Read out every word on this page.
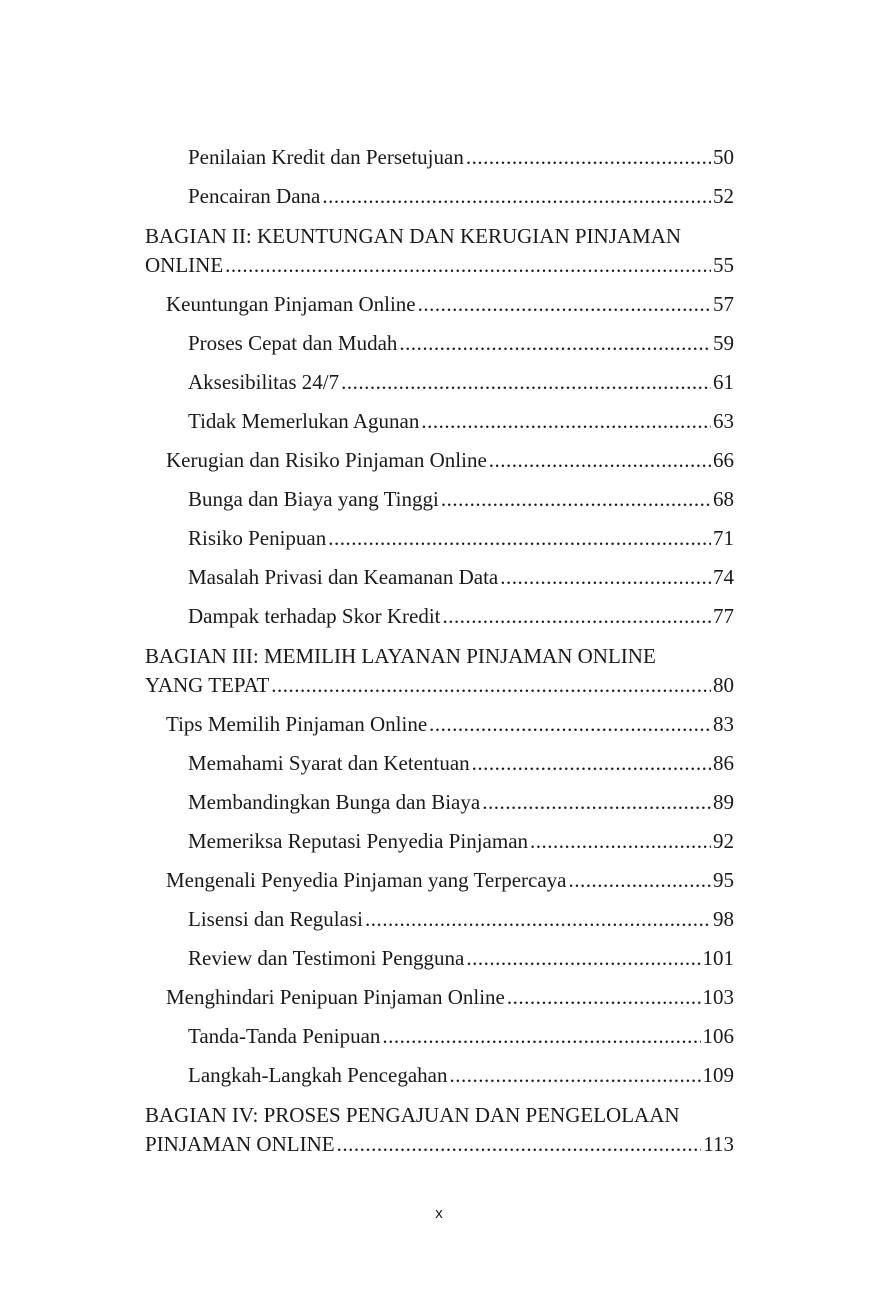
Penilaian Kredit dan Persetujuan .....	50
Pencairan Dana .....	52
BAGIAN II: KEUNTUNGAN DAN KERUGIAN PINJAMAN
ONLINE .....	55
Keuntungan Pinjaman Online .....	57
Proses Cepat dan Mudah .....	59
Aksesibilitas 24/7 .....	61
Tidak Memerlukan Agunan .....	63
Kerugian dan Risiko Pinjaman Online .....	66
Bunga dan Biaya yang Tinggi .....	68
Risiko Penipuan .....	71
Masalah Privasi dan Keamanan Data .....	74
Dampak terhadap Skor Kredit .....	77
BAGIAN III: MEMILIH LAYANAN PINJAMAN ONLINE
YANG TEPAT .....	80
Tips Memilih Pinjaman Online .....	83
Memahami Syarat dan Ketentuan .....	86
Membandingkan Bunga dan Biaya .....	89
Memeriksa Reputasi Penyedia Pinjaman .....	92
Mengenali Penyedia Pinjaman yang Terpercaya .....	95
Lisensi dan Regulasi .....	98
Review dan Testimoni Pengguna .....	101
Menghindari Penipuan Pinjaman Online .....	103
Tanda-Tanda Penipuan .....	106
Langkah-Langkah Pencegahan .....	109
BAGIAN IV: PROSES PENGAJUAN DAN PENGELOLAAN
PINJAMAN ONLINE .....	113
x
